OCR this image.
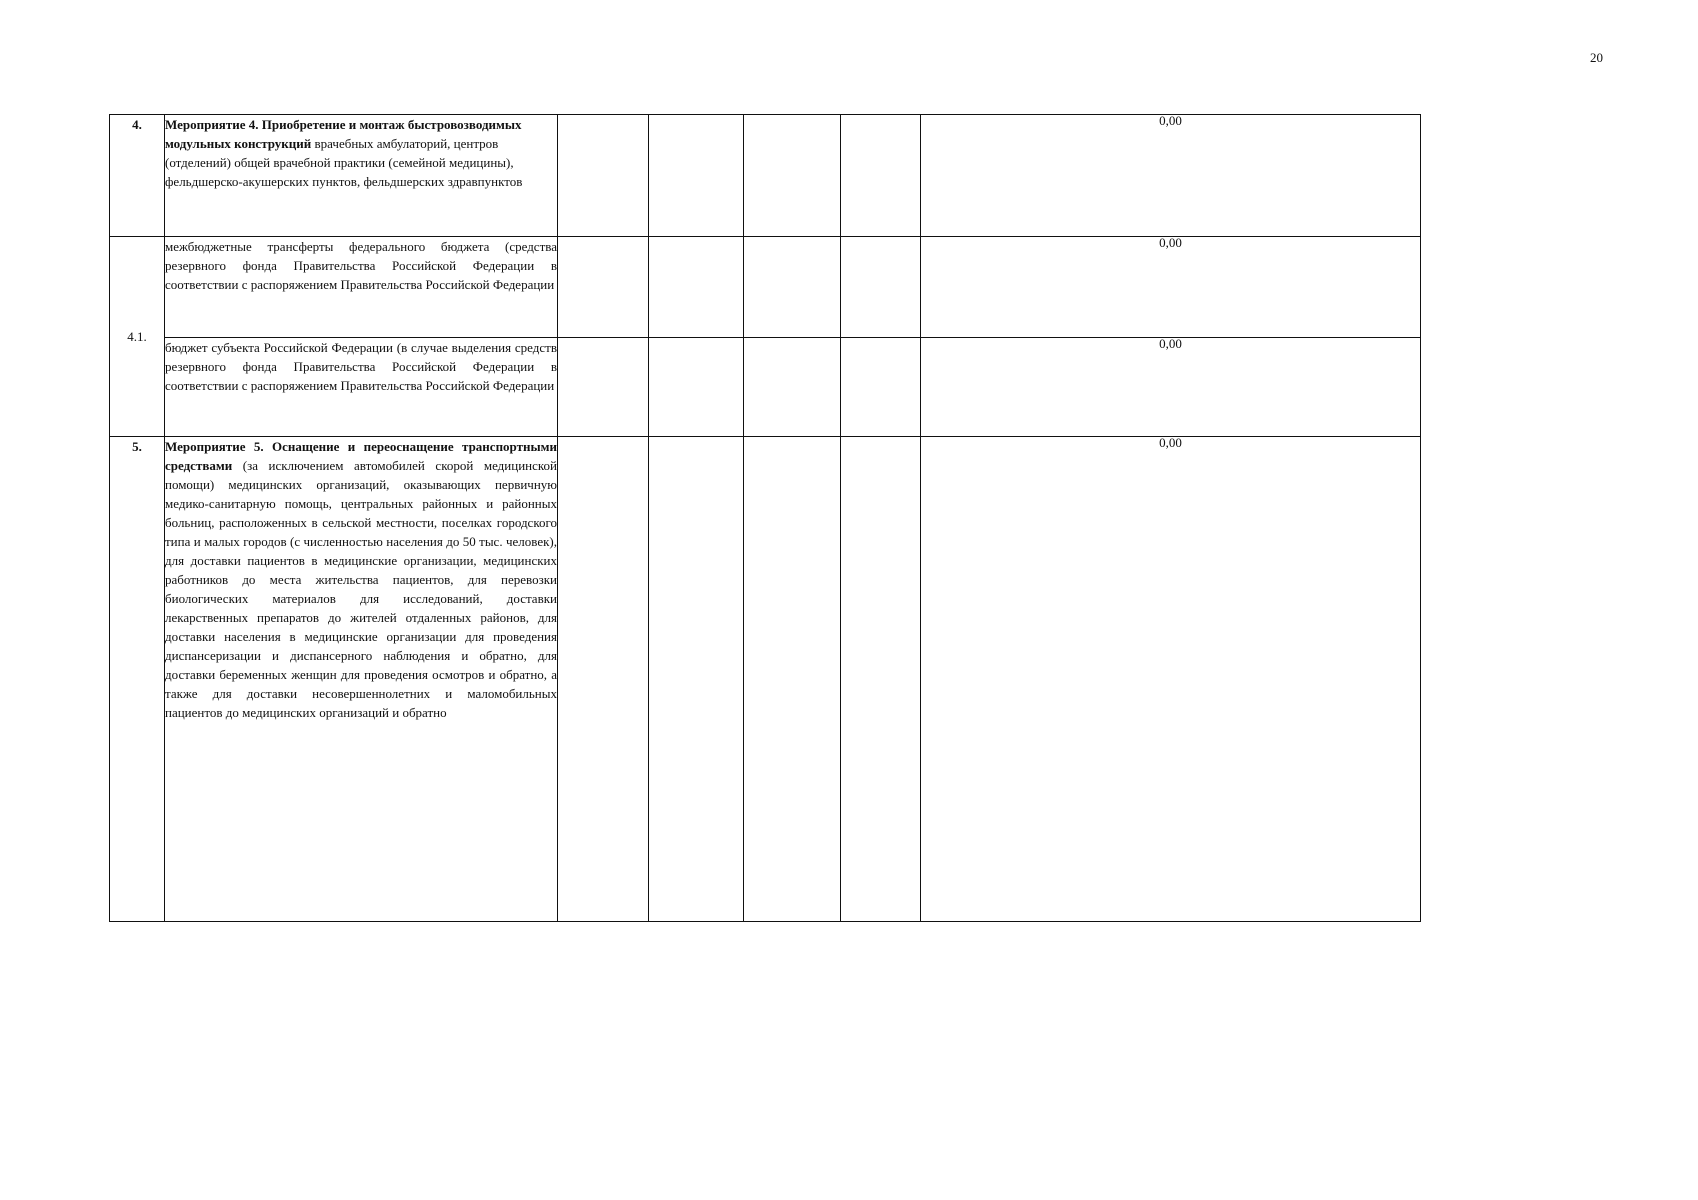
20
4.	Мероприятие 4. Приобретение и монтаж быстровозводимых модульных конструкций врачебных амбулаторий, центров (отделений) общей врачебной практики (семейной медицины), фельдшерско-акушерских пунктов, фельдшерских здравпунктов					0,00
4.1.	межбюджетные трансферты федерального бюджета (средства резервного фонда Правительства Российской Федерации в соответствии с распоряжением Правительства Российской Федерации					0,00
	бюджет субъекта Российской Федерации (в случае выделения средств резервного фонда Правительства Российской Федерации в соответствии с распоряжением Правительства Российской Федерации					0,00
5.	Мероприятие 5. Оснащение и переоснащение транспортными средствами (за исключением автомобилей скорой медицинской помощи) медицинских организаций, оказывающих первичную медико-санитарную помощь, центральных районных и районных больниц, расположенных в сельской местности, поселках городского типа и малых городов (с численностью населения до 50 тыс. человек), для доставки пациентов в медицинские организации, медицинских работников до места жительства пациентов, для перевозки биологических материалов для исследований, доставки лекарственных препаратов до жителей отдаленных районов, для доставки населения в медицинские организации для проведения диспансеризации и диспансерного наблюдения и обратно, для доставки беременных женщин для проведения осмотров и обратно, а также для доставки несовершеннолетних и маломобильных пациентов до медицинских организаций и обратно					0,00
